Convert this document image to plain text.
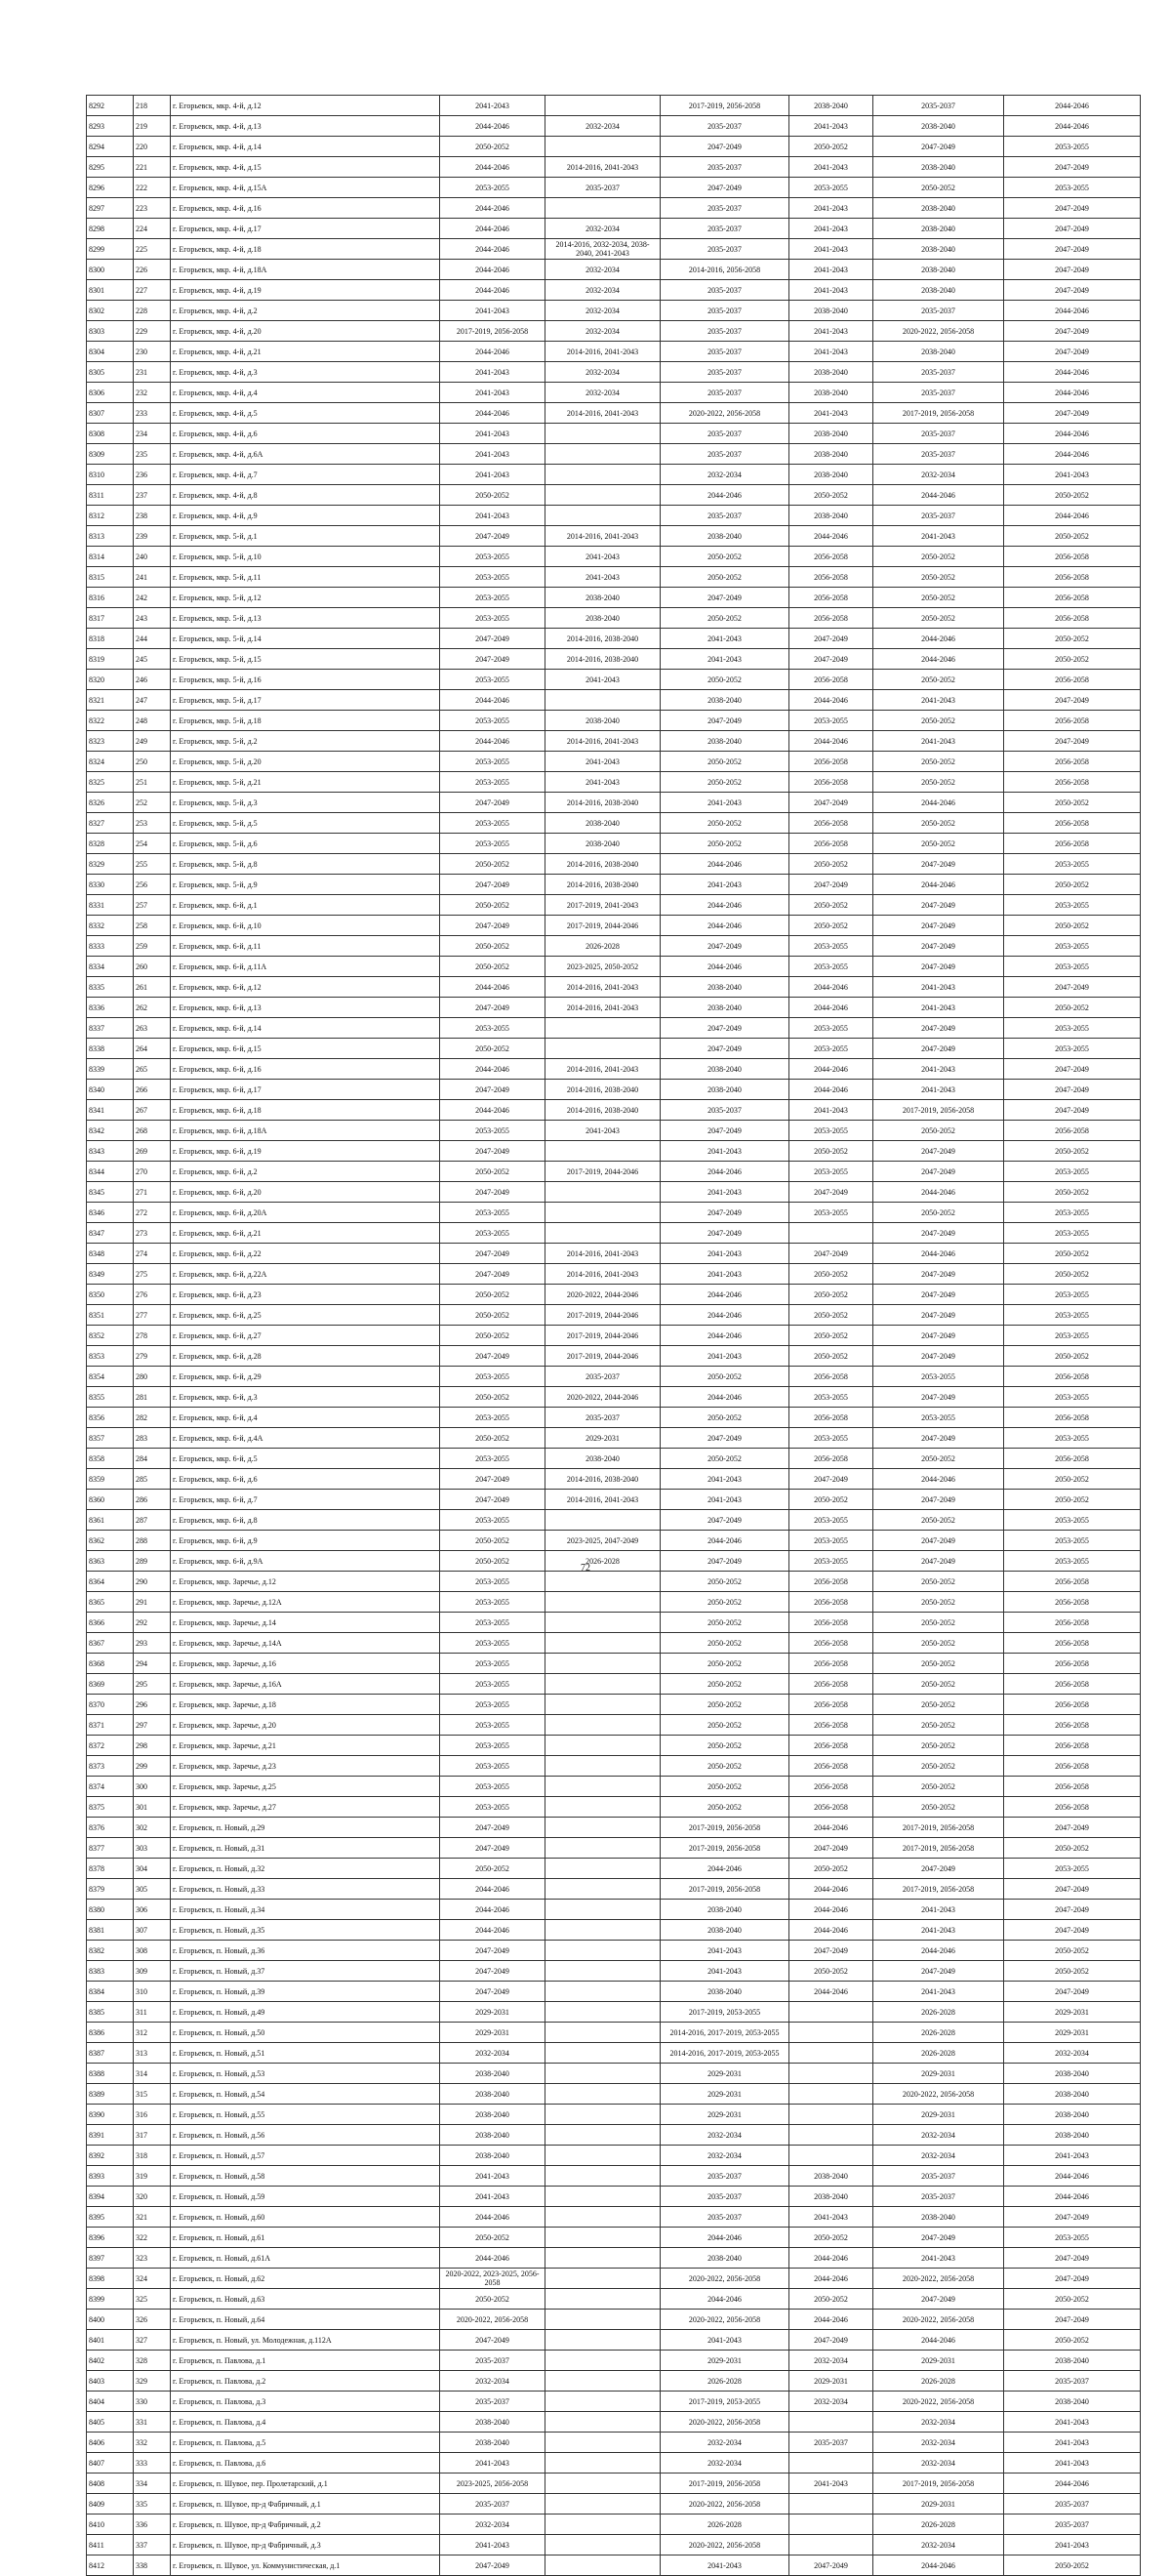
8292	218	г. Егорьевск, мкр. 4-й, д.12	2041-2043		2017-2019, 2056-2058	2038-2040	2035-2037	2044-2046
8293	219	г. Егорьевск, мкр. 4-й, д.13	2044-2046	2032-2034	2035-2037	2041-2043	2038-2040	2044-2046
8294	220	г. Егорьевск, мкр. 4-й, д.14	2050-2052		2047-2049	2050-2052	2047-2049	2053-2055
8295	221	г. Егорьевск, мкр. 4-й, д.15	2044-2046	2014-2016, 2041-2043	2035-2037	2041-2043	2038-2040	2047-2049
8296	222	г. Егорьевск, мкр. 4-й, д.15А	2053-2055	2035-2037	2047-2049	2053-2055	2050-2052	2053-2055
8297	223	г. Егорьевск, мкр. 4-й, д.16	2044-2046		2035-2037	2041-2043	2038-2040	2047-2049
8298	224	г. Егорьевск, мкр. 4-й, д.17	2044-2046	2032-2034	2035-2037	2041-2043	2038-2040	2047-2049
8299	225	г. Егорьевск, мкр. 4-й, д.18	2044-2046	2014-2016, 2032-2034, 2038-2040, 2041-2043	2035-2037	2041-2043	2038-2040	2047-2049
8300	226	г. Егорьевск, мкр. 4-й, д.18А	2044-2046	2032-2034	2014-2016, 2056-2058	2041-2043	2038-2040	2047-2049
8301	227	г. Егорьевск, мкр. 4-й, д.19	2044-2046	2032-2034	2035-2037	2041-2043	2038-2040	2047-2049
8302	228	г. Егорьевск, мкр. 4-й, д.2	2041-2043	2032-2034	2035-2037	2038-2040	2035-2037	2044-2046
8303	229	г. Егорьевск, мкр. 4-й, д.20	2017-2019, 2056-2058	2032-2034	2035-2037	2041-2043	2020-2022, 2056-2058	2047-2049
8304	230	г. Егорьевск, мкр. 4-й, д.21	2044-2046	2014-2016, 2041-2043	2035-2037	2041-2043	2038-2040	2047-2049
8305	231	г. Егорьевск, мкр. 4-й, д.3	2041-2043	2032-2034	2035-2037	2038-2040	2035-2037	2044-2046
8306	232	г. Егорьевск, мкр. 4-й, д.4	2041-2043	2032-2034	2035-2037	2038-2040	2035-2037	2044-2046
8307	233	г. Егорьевск, мкр. 4-й, д.5	2044-2046	2014-2016, 2041-2043	2020-2022, 2056-2058	2041-2043	2017-2019, 2056-2058	2047-2049
8308	234	г. Егорьевск, мкр. 4-й, д.6	2041-2043		2035-2037	2038-2040	2035-2037	2044-2046
8309	235	г. Егорьевск, мкр. 4-й, д.6А	2041-2043		2035-2037	2038-2040	2035-2037	2044-2046
8310	236	г. Егорьевск, мкр. 4-й, д.7	2041-2043		2032-2034	2038-2040	2032-2034	2041-2043
8311	237	г. Егорьевск, мкр. 4-й, д.8	2050-2052		2044-2046	2050-2052	2044-2046	2050-2052
8312	238	г. Егорьевск, мкр. 4-й, д.9	2041-2043		2035-2037	2038-2040	2035-2037	2044-2046
8313	239	г. Егорьевск, мкр. 5-й, д.1	2047-2049	2014-2016, 2041-2043	2038-2040	2044-2046	2041-2043	2050-2052
8314	240	г. Егорьевск, мкр. 5-й, д.10	2053-2055	2041-2043	2050-2052	2056-2058	2050-2052	2056-2058
8315	241	г. Егорьевск, мкр. 5-й, д.11	2053-2055	2041-2043	2050-2052	2056-2058	2050-2052	2056-2058
8316	242	г. Егорьевск, мкр. 5-й, д.12	2053-2055	2038-2040	2047-2049	2056-2058	2050-2052	2056-2058
8317	243	г. Егорьевск, мкр. 5-й, д.13	2053-2055	2038-2040	2050-2052	2056-2058	2050-2052	2056-2058
8318	244	г. Егорьевск, мкр. 5-й, д.14	2047-2049	2014-2016, 2038-2040	2041-2043	2047-2049	2044-2046	2050-2052
8319	245	г. Егорьевск, мкр. 5-й, д.15	2047-2049	2014-2016, 2038-2040	2041-2043	2047-2049	2044-2046	2050-2052
8320	246	г. Егорьевск, мкр. 5-й, д.16	2053-2055	2041-2043	2050-2052	2056-2058	2050-2052	2056-2058
8321	247	г. Егорьевск, мкр. 5-й, д.17	2044-2046		2038-2040	2044-2046	2041-2043	2047-2049
8322	248	г. Егорьевск, мкр. 5-й, д.18	2053-2055	2038-2040	2047-2049	2053-2055	2050-2052	2056-2058
8323	249	г. Егорьевск, мкр. 5-й, д.2	2044-2046	2014-2016, 2041-2043	2038-2040	2044-2046	2041-2043	2047-2049
8324	250	г. Егорьевск, мкр. 5-й, д.20	2053-2055	2041-2043	2050-2052	2056-2058	2050-2052	2056-2058
8325	251	г. Егорьевск, мкр. 5-й, д.21	2053-2055	2041-2043	2050-2052	2056-2058	2050-2052	2056-2058
8326	252	г. Егорьевск, мкр. 5-й, д.3	2047-2049	2014-2016, 2038-2040	2041-2043	2047-2049	2044-2046	2050-2052
8327	253	г. Егорьевск, мкр. 5-й, д.5	2053-2055	2038-2040	2050-2052	2056-2058	2050-2052	2056-2058
8328	254	г. Егорьевск, мкр. 5-й, д.6	2053-2055	2038-2040	2050-2052	2056-2058	2050-2052	2056-2058
8329	255	г. Егорьевск, мкр. 5-й, д.8	2050-2052	2014-2016, 2038-2040	2044-2046	2050-2052	2047-2049	2053-2055
8330	256	г. Егорьевск, мкр. 5-й, д.9	2047-2049	2014-2016, 2038-2040	2041-2043	2047-2049	2044-2046	2050-2052
8331	257	г. Егорьевск, мкр. 6-й, д.1	2050-2052	2017-2019, 2041-2043	2044-2046	2050-2052	2047-2049	2053-2055
8332	258	г. Егорьевск, мкр. 6-й, д.10	2047-2049	2017-2019, 2044-2046	2044-2046	2050-2052	2047-2049	2050-2052
8333	259	г. Егорьевск, мкр. 6-й, д.11	2050-2052	2026-2028	2047-2049	2053-2055	2047-2049	2053-2055
8334	260	г. Егорьевск, мкр. 6-й, д.11А	2050-2052	2023-2025, 2050-2052	2044-2046	2053-2055	2047-2049	2053-2055
8335	261	г. Егорьевск, мкр. 6-й, д.12	2044-2046	2014-2016, 2041-2043	2038-2040	2044-2046	2041-2043	2047-2049
8336	262	г. Егорьевск, мкр. 6-й, д.13	2047-2049	2014-2016, 2041-2043	2038-2040	2044-2046	2041-2043	2050-2052
8337	263	г. Егорьевск, мкр. 6-й, д.14	2053-2055		2047-2049	2053-2055	2047-2049	2053-2055
8338	264	г. Егорьевск, мкр. 6-й, д.15	2050-2052		2047-2049	2053-2055	2047-2049	2053-2055
8339	265	г. Егорьевск, мкр. 6-й, д.16	2044-2046	2014-2016, 2041-2043	2038-2040	2044-2046	2041-2043	2047-2049
8340	266	г. Егорьевск, мкр. 6-й, д.17	2047-2049	2014-2016, 2038-2040	2038-2040	2044-2046	2041-2043	2047-2049
8341	267	г. Егорьевск, мкр. 6-й, д.18	2044-2046	2014-2016, 2038-2040	2035-2037	2041-2043	2017-2019, 2056-2058	2047-2049
8342	268	г. Егорьевск, мкр. 6-й, д.18А	2053-2055	2041-2043	2047-2049	2053-2055	2050-2052	2056-2058
8343	269	г. Егорьевск, мкр. 6-й, д.19	2047-2049		2041-2043	2050-2052	2047-2049	2050-2052
8344	270	г. Егорьевск, мкр. 6-й, д.2	2050-2052	2017-2019, 2044-2046	2044-2046	2053-2055	2047-2049	2053-2055
8345	271	г. Егорьевск, мкр. 6-й, д.20	2047-2049		2041-2043	2047-2049	2044-2046	2050-2052
8346	272	г. Егорьевск, мкр. 6-й, д.20А	2053-2055		2047-2049	2053-2055	2050-2052	2053-2055
8347	273	г. Егорьевск, мкр. 6-й, д.21	2053-2055		2047-2049		2047-2049	2053-2055
8348	274	г. Егорьевск, мкр. 6-й, д.22	2047-2049	2014-2016, 2041-2043	2041-2043	2047-2049	2044-2046	2050-2052
8349	275	г. Егорьевск, мкр. 6-й, д.22А	2047-2049	2014-2016, 2041-2043	2041-2043	2050-2052	2047-2049	2050-2052
8350	276	г. Егорьевск, мкр. 6-й, д.23	2050-2052	2020-2022, 2044-2046	2044-2046	2050-2052	2047-2049	2053-2055
8351	277	г. Егорьевск, мкр. 6-й, д.25	2050-2052	2017-2019, 2044-2046	2044-2046	2050-2052	2047-2049	2053-2055
8352	278	г. Егорьевск, мкр. 6-й, д.27	2050-2052	2017-2019, 2044-2046	2044-2046	2050-2052	2047-2049	2053-2055
8353	279	г. Егорьевск, мкр. 6-й, д.28	2047-2049	2017-2019, 2044-2046	2041-2043	2050-2052	2047-2049	2050-2052
8354	280	г. Егорьевск, мкр. 6-й, д.29	2053-2055	2035-2037	2050-2052	2056-2058	2053-2055	2056-2058
8355	281	г. Егорьевск, мкр. 6-й, д.3	2050-2052	2020-2022, 2044-2046	2044-2046	2053-2055	2047-2049	2053-2055
8356	282	г. Егорьевск, мкр. 6-й, д.4	2053-2055	2035-2037	2050-2052	2056-2058	2053-2055	2056-2058
8357	283	г. Егорьевск, мкр. 6-й, д.4А	2050-2052	2029-2031	2047-2049	2053-2055	2047-2049	2053-2055
8358	284	г. Егорьевск, мкр. 6-й, д.5	2053-2055	2038-2040	2050-2052	2056-2058	2050-2052	2056-2058
8359	285	г. Егорьевск, мкр. 6-й, д.6	2047-2049	2014-2016, 2038-2040	2041-2043	2047-2049	2044-2046	2050-2052
8360	286	г. Егорьевск, мкр. 6-й, д.7	2047-2049	2014-2016, 2041-2043	2041-2043	2050-2052	2047-2049	2050-2052
8361	287	г. Егорьевск, мкр. 6-й, д.8	2053-2055		2047-2049	2053-2055	2050-2052	2053-2055
8362	288	г. Егорьевск, мкр. 6-й, д.9	2050-2052	2023-2025, 2047-2049	2044-2046	2053-2055	2047-2049	2053-2055
8363	289	г. Егорьевск, мкр. 6-й, д.9А	2050-2052	2026-2028	2047-2049	2053-2055	2047-2049	2053-2055
8364	290	г. Егорьевск, мкр. Заречье, д.12	2053-2055		2050-2052	2056-2058	2050-2052	2056-2058
8365	291	г. Егорьевск, мкр. Заречье, д.12А	2053-2055		2050-2052	2056-2058	2050-2052	2056-2058
8366	292	г. Егорьевск, мкр. Заречье, д.14	2053-2055		2050-2052	2056-2058	2050-2052	2056-2058
8367	293	г. Егорьевск, мкр. Заречье, д.14А	2053-2055		2050-2052	2056-2058	2050-2052	2056-2058
8368	294	г. Егорьевск, мкр. Заречье, д.16	2053-2055		2050-2052	2056-2058	2050-2052	2056-2058
8369	295	г. Егорьевск, мкр. Заречье, д.16А	2053-2055		2050-2052	2056-2058	2050-2052	2056-2058
8370	296	г. Егорьевск, мкр. Заречье, д.18	2053-2055		2050-2052	2056-2058	2050-2052	2056-2058
8371	297	г. Егорьевск, мкр. Заречье, д.20	2053-2055		2050-2052	2056-2058	2050-2052	2056-2058
8372	298	г. Егорьевск, мкр. Заречье, д.21	2053-2055		2050-2052	2056-2058	2050-2052	2056-2058
8373	299	г. Егорьевск, мкр. Заречье, д.23	2053-2055		2050-2052	2056-2058	2050-2052	2056-2058
8374	300	г. Егорьевск, мкр. Заречье, д.25	2053-2055		2050-2052	2056-2058	2050-2052	2056-2058
8375	301	г. Егорьевск, мкр. Заречье, д.27	2053-2055		2050-2052	2056-2058	2050-2052	2056-2058
8376	302	г. Егорьевск, п. Новый, д.29	2047-2049		2017-2019, 2056-2058	2044-2046	2017-2019, 2056-2058	2047-2049
8377	303	г. Егорьевск, п. Новый, д.31	2047-2049		2017-2019, 2056-2058	2047-2049	2017-2019, 2056-2058	2050-2052
8378	304	г. Егорьевск, п. Новый, д.32	2050-2052		2044-2046	2050-2052	2047-2049	2053-2055
8379	305	г. Егорьевск, п. Новый, д.33	2044-2046		2017-2019, 2056-2058	2044-2046	2017-2019, 2056-2058	2047-2049
8380	306	г. Егорьевск, п. Новый, д.34	2044-2046		2038-2040	2044-2046	2041-2043	2047-2049
8381	307	г. Егорьевск, п. Новый, д.35	2044-2046		2038-2040	2044-2046	2041-2043	2047-2049
8382	308	г. Егорьевск, п. Новый, д.36	2047-2049		2041-2043	2047-2049	2044-2046	2050-2052
8383	309	г. Егорьевск, п. Новый, д.37	2047-2049		2041-2043	2050-2052	2047-2049	2050-2052
8384	310	г. Егорьевск, п. Новый, д.39	2047-2049		2038-2040	2044-2046	2041-2043	2047-2049
8385	311	г. Егорьевск, п. Новый, д.49	2029-2031		2017-2019, 2053-2055		2026-2028	2029-2031
8386	312	г. Егорьевск, п. Новый, д.50	2029-2031		2014-2016, 2017-2019, 2053-2055		2026-2028	2029-2031
8387	313	г. Егорьевск, п. Новый, д.51	2032-2034		2014-2016, 2017-2019, 2053-2055		2026-2028	2032-2034
8388	314	г. Егорьевск, п. Новый, д.53	2038-2040		2029-2031		2029-2031	2038-2040
8389	315	г. Егорьевск, п. Новый, д.54	2038-2040		2029-2031		2020-2022, 2056-2058	2038-2040
8390	316	г. Егорьевск, п. Новый, д.55	2038-2040		2029-2031		2029-2031	2038-2040
8391	317	г. Егорьевск, п. Новый, д.56	2038-2040		2032-2034		2032-2034	2038-2040
8392	318	г. Егорьевск, п. Новый, д.57	2038-2040		2032-2034		2032-2034	2041-2043
8393	319	г. Егорьевск, п. Новый, д.58	2041-2043		2035-2037	2038-2040	2035-2037	2044-2046
8394	320	г. Егорьевск, п. Новый, д.59	2041-2043		2035-2037	2038-2040	2035-2037	2044-2046
8395	321	г. Егорьевск, п. Новый, д.60	2044-2046		2035-2037	2041-2043	2038-2040	2047-2049
8396	322	г. Егорьевск, п. Новый, д.61	2050-2052		2044-2046	2050-2052	2047-2049	2053-2055
8397	323	г. Егорьевск, п. Новый, д.61А	2044-2046		2038-2040	2044-2046	2041-2043	2047-2049
8398	324	г. Егорьевск, п. Новый, д.62	2020-2022, 2023-2025, 2056-2058		2020-2022, 2056-2058	2044-2046	2020-2022, 2056-2058	2047-2049
8399	325	г. Егорьевск, п. Новый, д.63	2050-2052		2044-2046	2050-2052	2047-2049	2050-2052
8400	326	г. Егорьевск, п. Новый, д.64	2020-2022, 2056-2058		2020-2022, 2056-2058	2044-2046	2020-2022, 2056-2058	2047-2049
8401	327	г. Егорьевск, п. Новый, ул. Молодежная, д.112А	2047-2049		2041-2043	2047-2049	2044-2046	2050-2052
8402	328	г. Егорьевск, п. Павлова, д.1	2035-2037		2029-2031	2032-2034	2029-2031	2038-2040
8403	329	г. Егорьевск, п. Павлова, д.2	2032-2034		2026-2028	2029-2031	2026-2028	2035-2037
8404	330	г. Егорьевск, п. Павлова, д.3	2035-2037		2017-2019, 2053-2055	2032-2034	2020-2022, 2056-2058	2038-2040
8405	331	г. Егорьевск, п. Павлова, д.4	2038-2040		2020-2022, 2056-2058		2032-2034	2041-2043
8406	332	г. Егорьевск, п. Павлова, д.5	2038-2040		2032-2034	2035-2037	2032-2034	2041-2043
8407	333	г. Егорьевск, п. Павлова, д.6	2041-2043		2032-2034		2032-2034	2041-2043
8408	334	г. Егорьевск, п. Шувое, пер. Пролетарский, д.1	2023-2025, 2056-2058		2017-2019, 2056-2058	2041-2043	2017-2019, 2056-2058	2044-2046
8409	335	г. Егорьевск, п. Шувое, пр-д Фабричный, д.1	2035-2037		2020-2022, 2056-2058		2029-2031	2035-2037
8410	336	г. Егорьевск, п. Шувое, пр-д Фабричный, д.2	2032-2034		2026-2028		2026-2028	2035-2037
8411	337	г. Егорьевск, п. Шувое, пр-д Фабричный, д.3	2041-2043		2020-2022, 2056-2058		2032-2034	2041-2043
8412	338	г. Егорьевск, п. Шувое, ул. Коммунистическая, д.1	2047-2049		2041-2043	2047-2049	2044-2046	2050-2052
72
